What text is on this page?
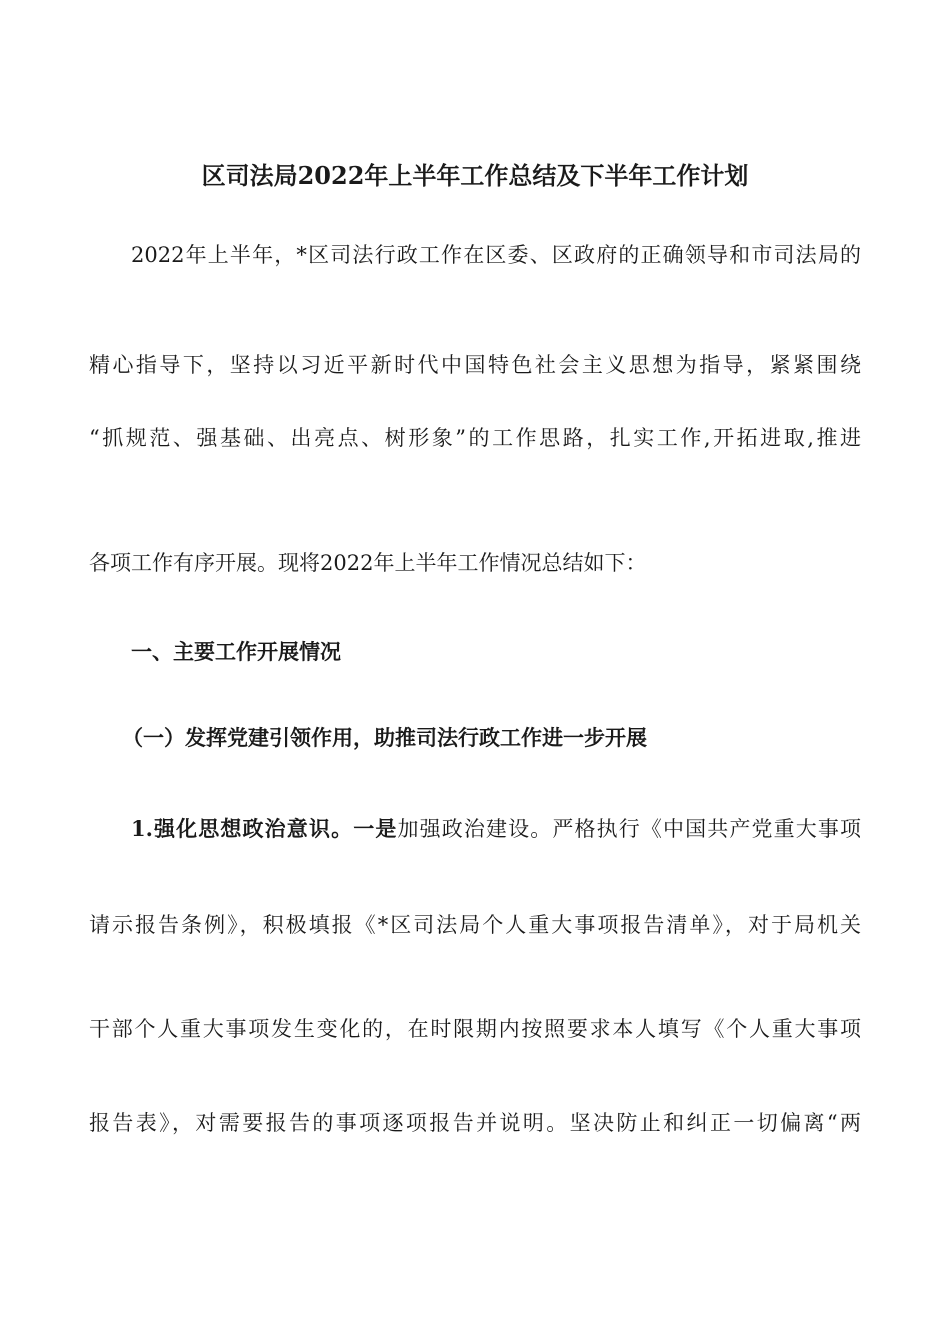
区司法局2022年上半年工作总结及下半年工作计划
2022年上半年，*区司法行政工作在区委、区政府的正确领导和市司法局的
精心指导下，坚持以习近平新时代中国特色社会主义思想为指导，紧紧围绕
“抓规范、强基础、出亮点、树形象”的工作思路，扎实工作,开拓进取,推进
各项工作有序开展。现将2022年上半年工作情况总结如下：
一、主要工作开展情况
（一）发挥党建引领作用，助推司法行政工作进一步开展
1.强化思想政治意识。一是加强政治建设。严格执行《中国共产党重大事项
请示报告条例》，积极填报《*区司法局个人重大事项报告清单》，对于局机关
干部个人重大事项发生变化的，在时限期内按照要求本人填写《个人重大事项
报告表》，对需要报告的事项逐项报告并说明。坚决防止和纠正一切偏离“两
